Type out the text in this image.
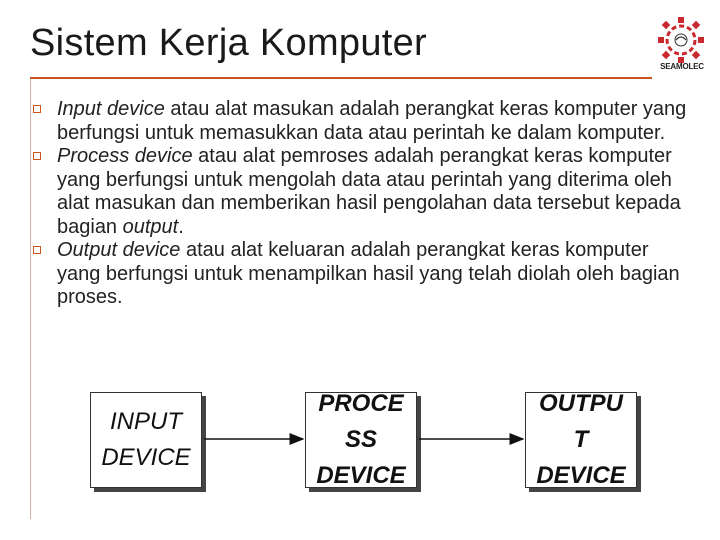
Sistem Kerja Komputer
SEAMOLEC
Input device atau alat masukan adalah perangkat keras komputer yang berfungsi untuk memasukkan data atau perintah ke dalam komputer.
Process device atau alat pemroses adalah perangkat keras komputer yang berfungsi untuk mengolah data atau perintah yang diterima oleh alat masukan dan memberikan hasil pengolahan data tersebut kepada bagian output.
Output device atau alat keluaran adalah perangkat keras komputer yang berfungsi untuk menampilkan hasil yang telah diolah oleh bagian proses.
INPUT
DEVICE
PROCE
SS
DEVICE
OUTPU
T
DEVICE
